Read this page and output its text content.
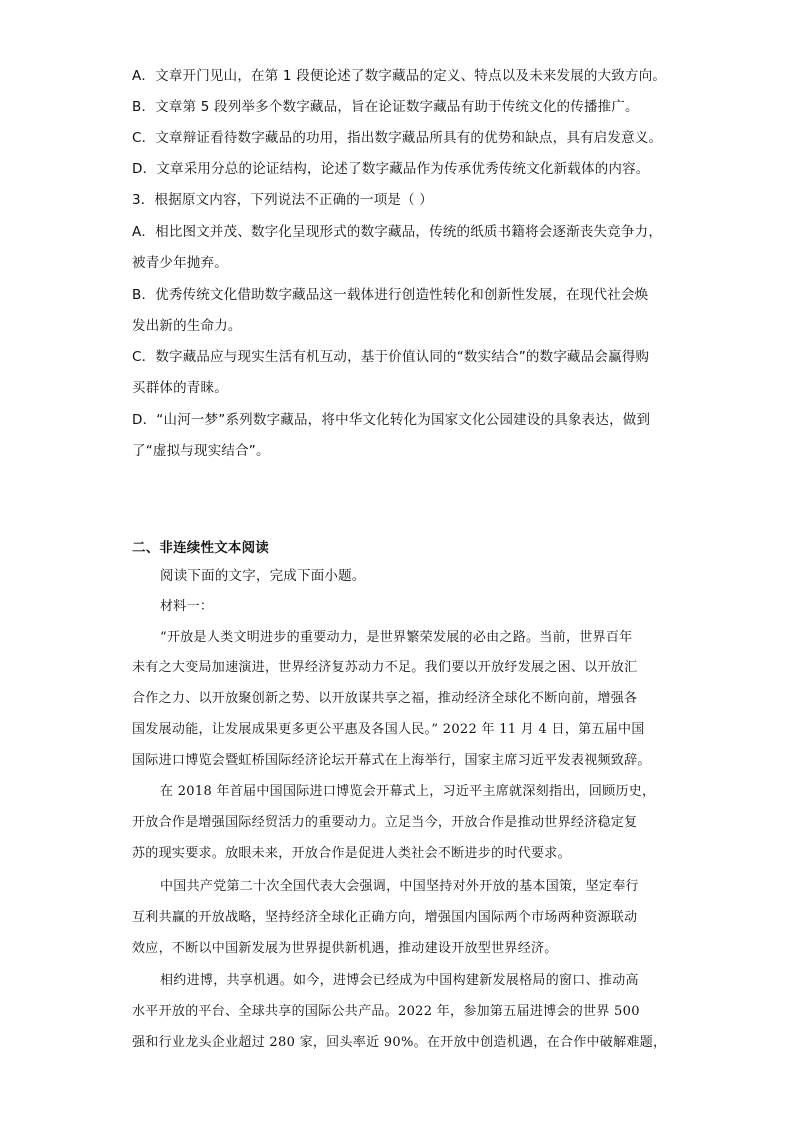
A．文章开门见山，在第 1 段便论述了数字藏品的定义、特点以及未来发展的大致方向。
B．文章第 5 段列举多个数字藏品，旨在论证数字藏品有助于传统文化的传播推广。
C．文章辩证看待数字藏品的功用，指出数字藏品所具有的优势和缺点，具有启发意义。
D．文章采用分总的论证结构，论述了数字藏品作为传承优秀传统文化新载体的内容。
3．根据原文内容，下列说法不正确的一项是（ ）
A．相比图文并茂、数字化呈现形式的数字藏品，传统的纸质书籍将会逐渐丧失竞争力，
被青少年抛弃。
B．优秀传统文化借助数字藏品这一载体进行创造性转化和创新性发展，在现代社会焕
发出新的生命力。
C．数字藏品应与现实生活有机互动，基于价值认同的“数实结合”的数字藏品会赢得购
买群体的青睐。
D．“山河一梦”系列数字藏品，将中华文化转化为国家文化公园建设的具象表达，做到
了“虚拟与现实结合”。
二、非连续性文本阅读
阅读下面的文字，完成下面小题。
材料一：
“开放是人类文明进步的重要动力，是世界繁荣发展的必由之路。当前，世界百年
未有之大变局加速演进，世界经济复苏动力不足。我们要以开放纾发展之困、以开放汇
合作之力、以开放聚创新之势、以开放谋共享之福，推动经济全球化不断向前，增强各
国发展动能，让发展成果更多更公平惠及各国人民。” 2022 年 11 月 4 日，第五届中国
国际进口博览会暨虹桥国际经济论坛开幕式在上海举行，国家主席习近平发表视频致辞。
在 2018 年首届中国国际进口博览会开幕式上，习近平主席就深刻指出，回顾历史，
开放合作是增强国际经贸活力的重要动力。立足当今，开放合作是推动世界经济稳定复
苏的现实要求。放眼未来，开放合作是促进人类社会不断进步的时代要求。
中国共产党第二十次全国代表大会强调，中国坚持对外开放的基本国策，坚定奉行
互利共赢的开放战略，坚持经济全球化正确方向，增强国内国际两个市场两种资源联动
效应，不断以中国新发展为世界提供新机遇，推动建设开放型世界经济。
相约进博，共享机遇。如今，进博会已经成为中国构建新发展格局的窗口、推动高
水平开放的平台、全球共享的国际公共产品。2022 年，参加第五届进博会的世界 500
强和行业龙头企业超过 280 家，回头率近 90%。在开放中创造机遇，在合作中破解难题，
